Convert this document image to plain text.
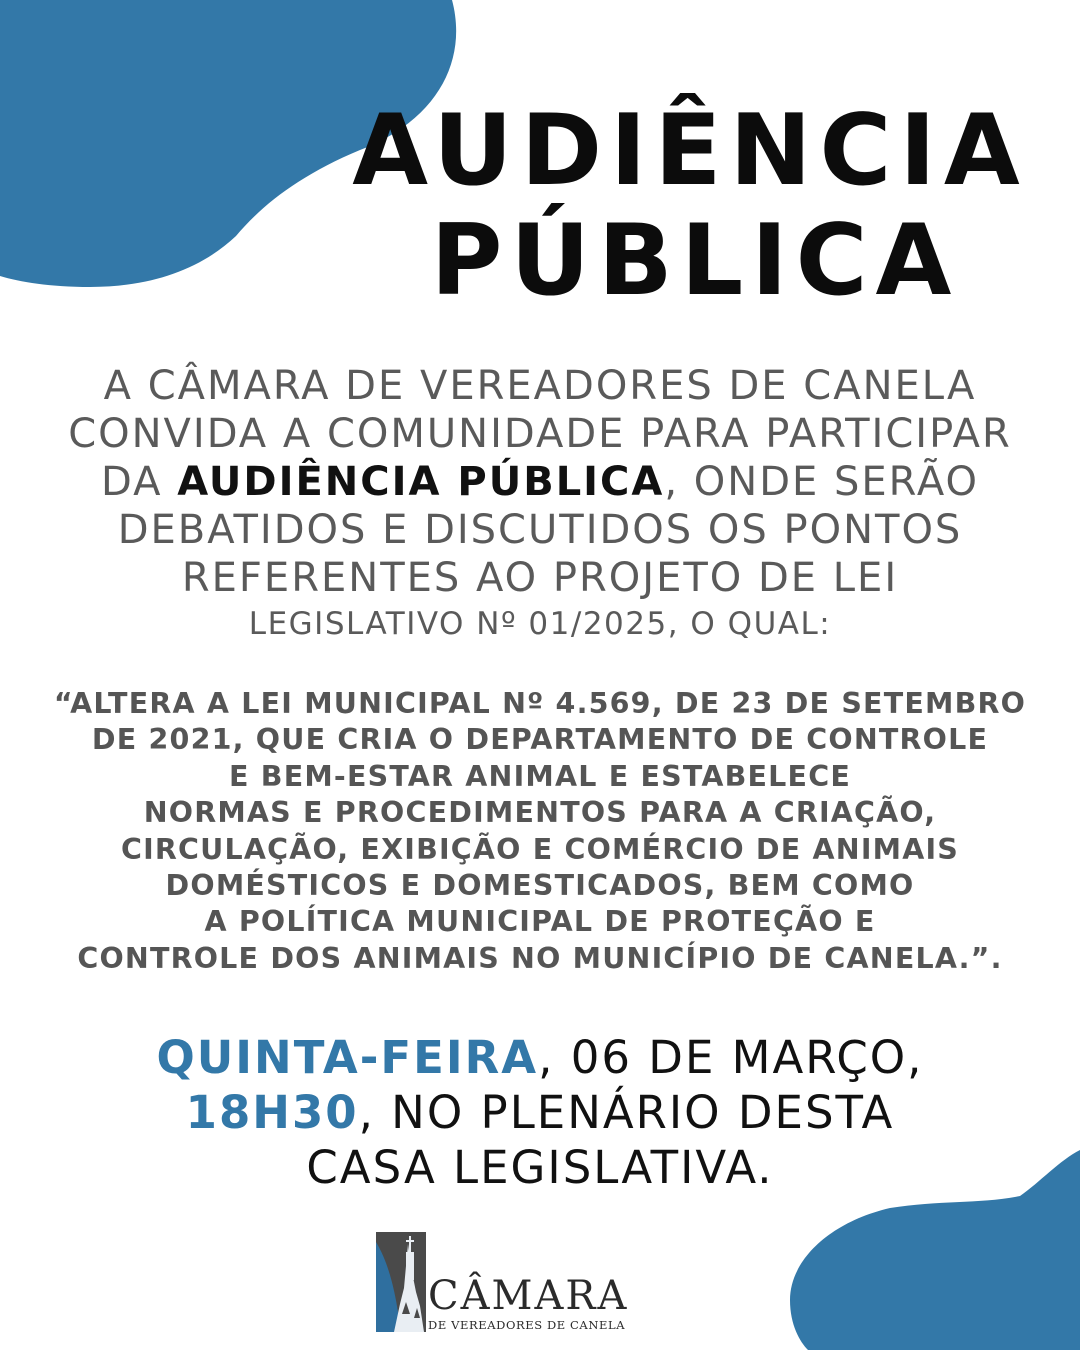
AUDIÊNCIA
PÚBLICA
A CÂMARA DE VEREADORES DE CANELA
CONVIDA A COMUNIDADE PARA PARTICIPAR
DA AUDIÊNCIA PÚBLICA, ONDE SERÃO
DEBATIDOS E DISCUTIDOS OS PONTOS
REFERENTES AO PROJETO DE LEI
LEGISLATIVO Nº 01/2025, O QUAL:
“ALTERA A LEI MUNICIPAL Nº 4.569, DE 23 DE SETEMBRO
DE 2021, QUE CRIA O DEPARTAMENTO DE CONTROLE
E BEM-ESTAR ANIMAL E ESTABELECE
NORMAS E PROCEDIMENTOS PARA A CRIAÇÃO,
CIRCULAÇÃO, EXIBIÇÃO E COMÉRCIO DE ANIMAIS
DOMÉSTICOS E DOMESTICADOS, BEM COMO
A POLÍTICA MUNICIPAL DE PROTEÇÃO E
CONTROLE DOS ANIMAIS NO MUNICÍPIO DE CANELA.”.
QUINTA-FEIRA, 06 DE MARÇO,
18H30, NO PLENÁRIO DESTA
CASA LEGISLATIVA.
CÂMARA
DE VEREADORES DE CANELA
